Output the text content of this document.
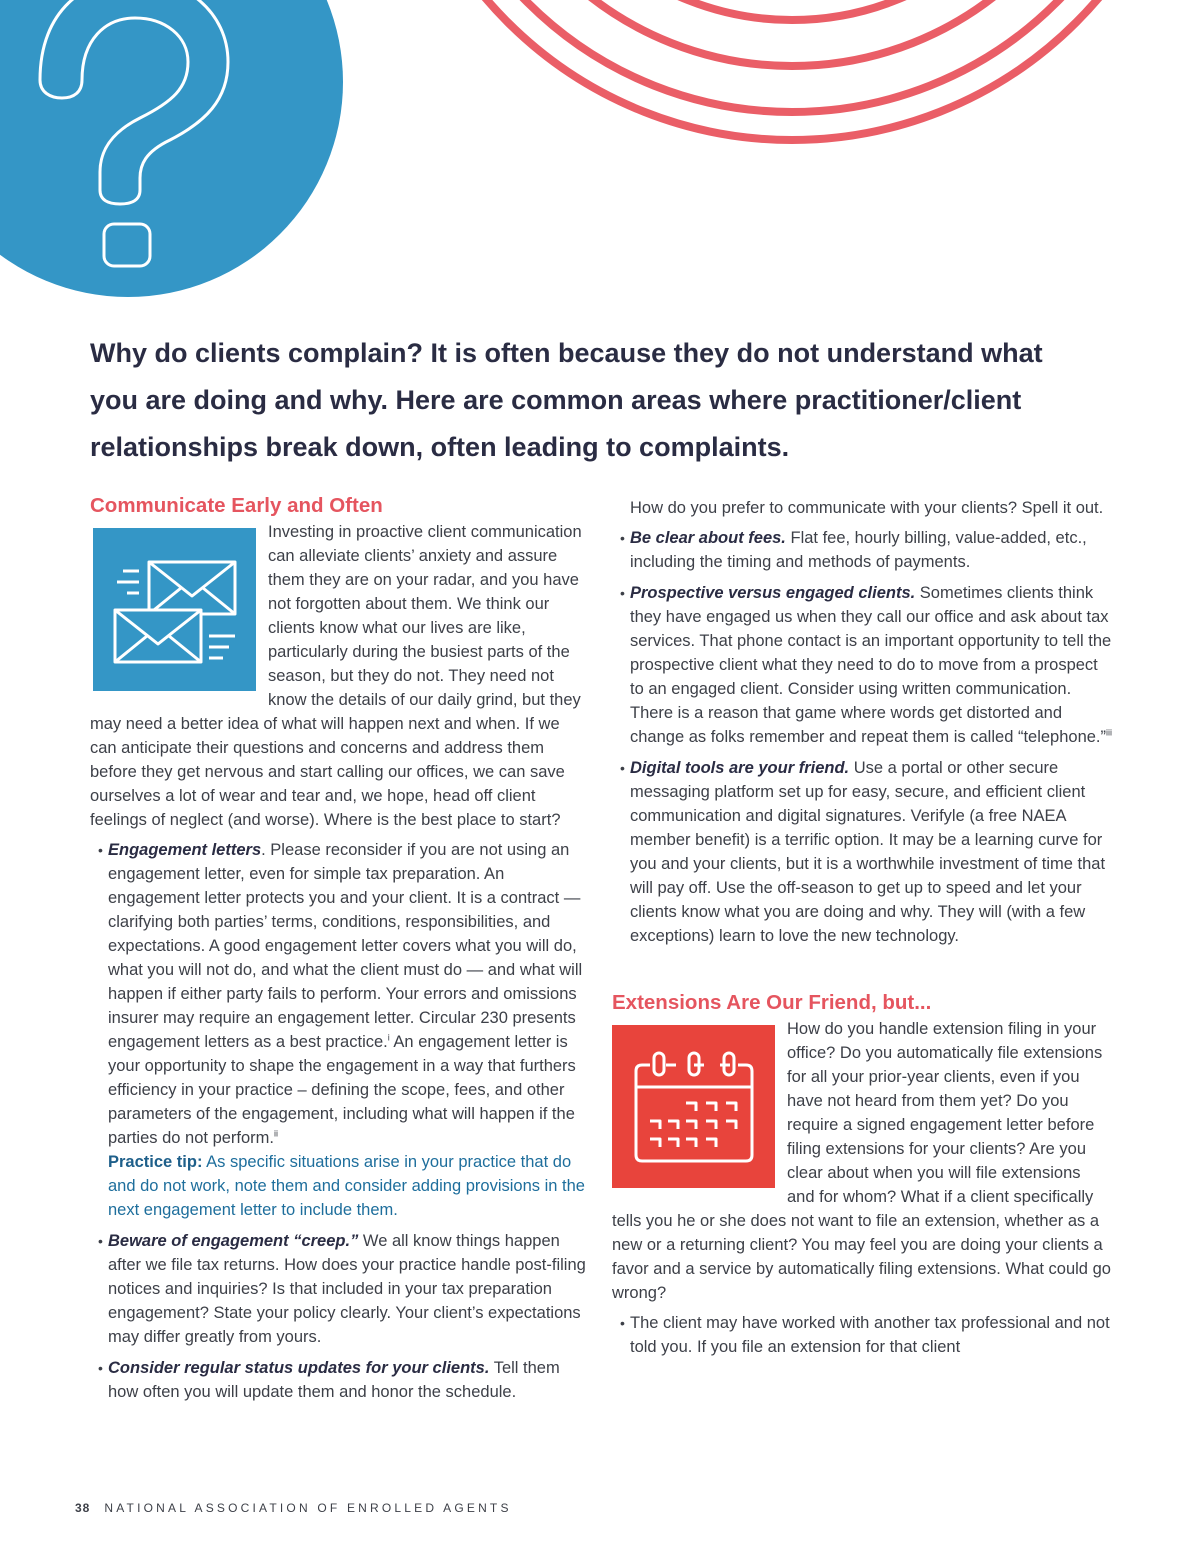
Why do clients complain? It is often because they do not understand what you are doing and why. Here are common areas where practitioner/client relationships break down, often leading to complaints.

Communicate Early and Often

Investing in proactive client communication can alleviate clients’ anxiety and assure them they are on your radar, and you have not forgotten about them. We think our clients know what our lives are like, particularly during the busiest parts of the season, but they do not. They need not know the details of our daily grind, but they may need a better idea of what will happen next and when. If we can anticipate their questions and concerns and address them before they get nervous and start calling our offices, we can save ourselves a lot of wear and tear and, we hope, head off client feelings of neglect (and worse). Where is the best place to start?

• Engagement letters. Please reconsider if you are not using an engagement letter, even for simple tax preparation. An engagement letter protects you and your client. It is a contract — clarifying both parties’ terms, conditions, responsibilities, and expectations. A good engagement letter covers what you will do, what you will not do, and what the client must do — and what will happen if either party fails to perform. Your errors and omissions insurer may require an engagement letter. Circular 230 presents engagement letters as a best practice.$^i$ An engagement letter is your opportunity to shape the engagement in a way that furthers efficiency in your practice – defining the scope, fees, and other parameters of the engagement, including what will happen if the parties do not perform.$^{ii}$
Practice tip: As specific situations arise in your practice that do and do not work, note them and consider adding provisions in the next engagement letter to include them.
• Beware of engagement “creep.” We all know things happen after we file tax returns. How does your practice handle post-filing notices and inquiries? Is that included in your tax preparation engagement? State your policy clearly. Your client’s expectations may differ greatly from yours.
• Consider regular status updates for your clients. Tell them how often you will update them and honor the schedule.

How do you prefer to communicate with your clients? Spell it out.

• Be clear about fees. Flat fee, hourly billing, value-added, etc., including the timing and methods of payments.
• Prospective versus engaged clients. Sometimes clients think they have engaged us when they call our office and ask about tax services. That phone contact is an important opportunity to tell the prospective client what they need to do to move from a prospect to an engaged client. Consider using written communication. There is a reason that game where words get distorted and change as folks remember and repeat them is called “telephone.”$^{iii}$
• Digital tools are your friend. Use a portal or other secure messaging platform set up for easy, secure, and efficient client communication and digital signatures. Verifyle (a free NAEA member benefit) is a terrific option. It may be a learning curve for you and your clients, but it is a worthwhile investment of time that will pay off. Use the off-season to get up to speed and let your clients know what you are doing and why. They will (with a few exceptions) learn to love the new technology.
Extensions Are Our Friend, but...

How do you handle extension filing in your office? Do you automatically file extensions for all your prior-year clients, even if you have not heard from them yet? Do you require a signed engagement letter before filing extensions for your clients? Are you clear about when you will file extensions and for whom? What if a client specifically tells you he or she does not want to file an extension, whether as a new or a returning client? You may feel you are doing your clients a favor and a service by automatically filing extensions. What could go wrong?

• The client may have worked with another tax professional and not told you. If you file an extension for that client
38 NATIONAL ASSOCIATION OF ENROLLED AGENTS
